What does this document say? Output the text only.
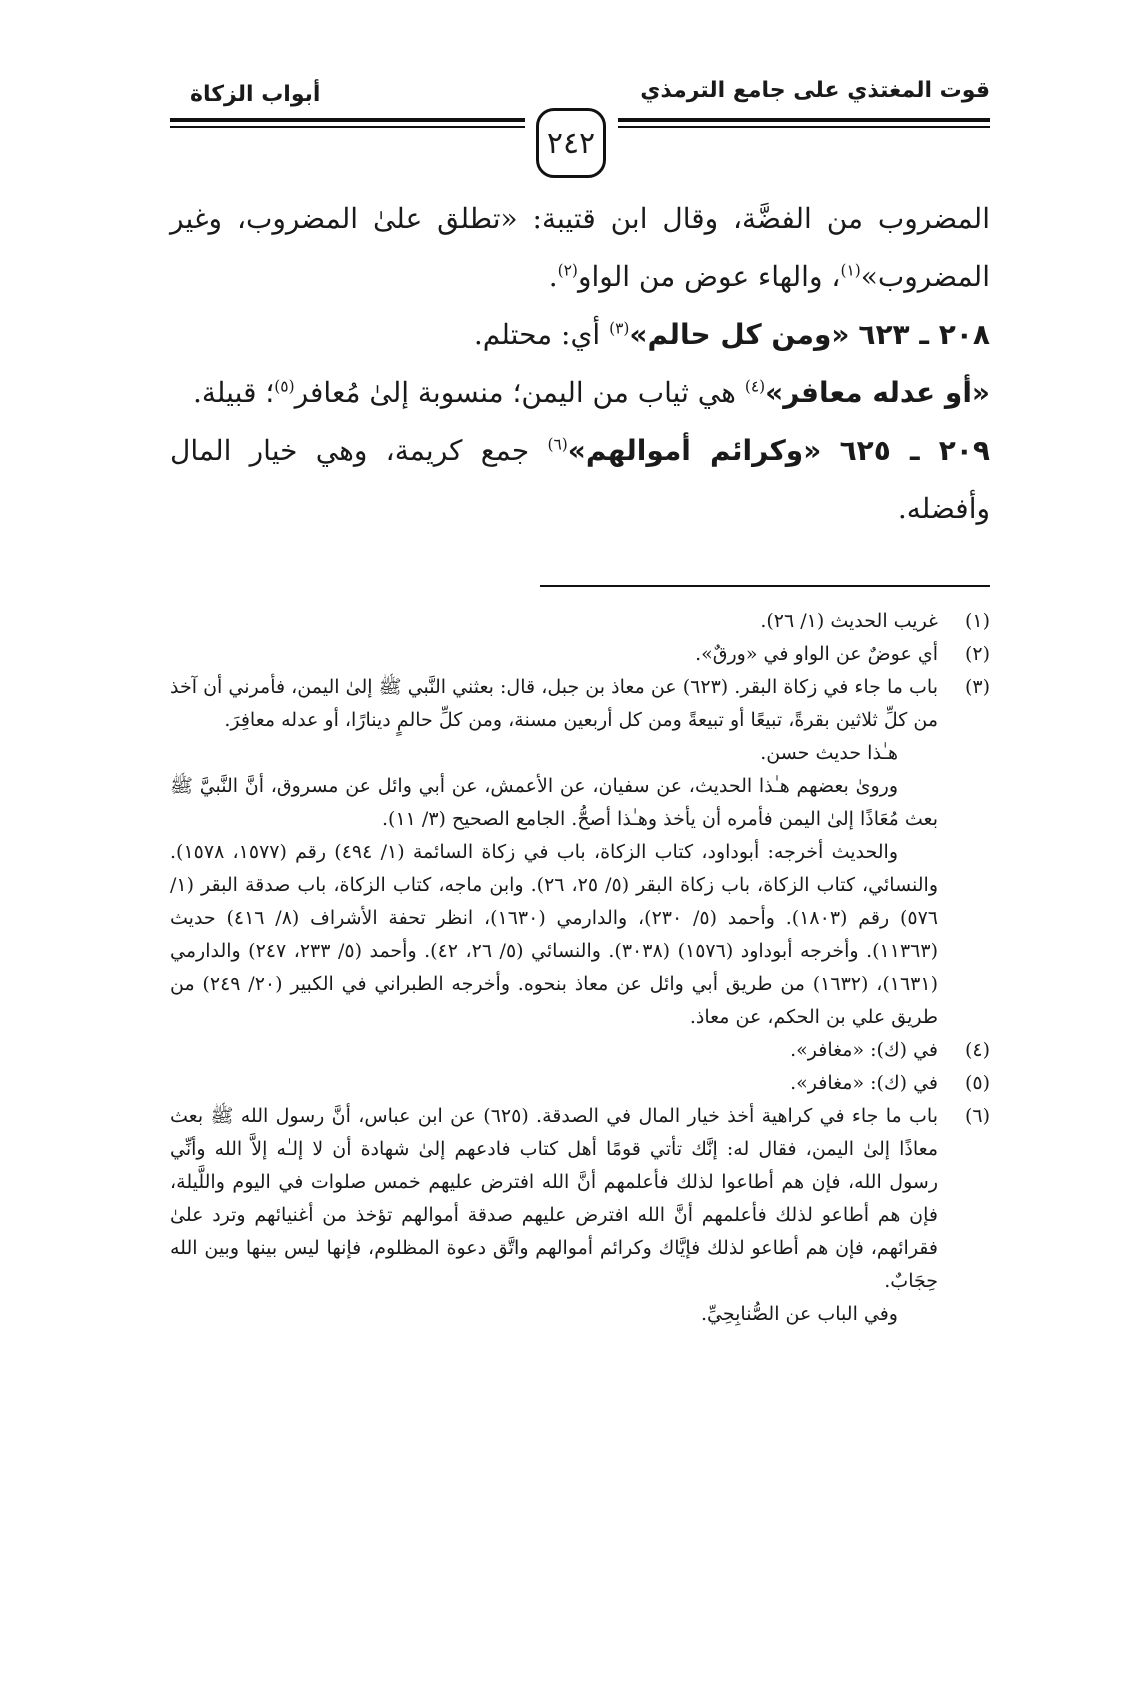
قوت المغتذي على جامع الترمذي
أبواب الزكاة
٢٤٢

المضروب من الفضَّة، وقال ابن قتيبة: «تطلق علىٰ المضروب، وغير المضروب»$^{(١)}$، والهاء عوض من الواو$^{(٢)}$.

٢٠٨ ـ ٦٢٣ «ومن كل حالم»$^{(٣)}$ أي: محتلم.

«أو عدله معافر»$^{(٤)}$ هي ثياب من اليمن؛ منسوبة إلىٰ مُعافر$^{(٥)}$؛ قبيلة.

٢٠٩ ـ ٦٢٥ «وكرائم أموالهم»$^{(٦)}$ جمع كريمة، وهي خيار المال وأفضله.

(١)

غريب الحديث (١/ ٢٦).

(٢)

أي عوضٌ عن الواو في «ورقٌ».

(٣)

باب ما جاء في زكاة البقر. (٦٢٣) عن معاذ بن جبل، قال: بعثني النَّبي ﷺ إلىٰ اليمن، فأمرني أن آخذ من كلِّ ثلاثين بقرةً، تبيعًا أو تبيعةً ومن كل أربعين مسنة، ومن كلِّ حالمٍ دينارًا، أو عدله معافِرَ.

هـٰذا حديث حسن.

وروىٰ بعضهم هـٰذا الحديث، عن سفيان، عن الأعمش، عن أبي وائل عن مسروق، أنَّ النَّبيَّ ﷺ بعث مُعَاذًا إلىٰ اليمن فأمره أن يأخذ وهـٰذا أصحُّ. الجامع الصحيح (٣/ ١١).

والحديث أخرجه: أبوداود، كتاب الزكاة، باب في زكاة السائمة (١/ ٤٩٤) رقم (١٥٧٧، ١٥٧٨). والنسائي، كتاب الزكاة، باب زكاة البقر (٥/ ٢٥، ٢٦). وابن ماجه، كتاب الزكاة، باب صدقة البقر (١/ ٥٧٦) رقم (١٨٠٣). وأحمد (٥/ ٢٣٠)، والدارمي (١٦٣٠)، انظر تحفة الأشراف (٨/ ٤١٦) حديث (١١٣٦٣). وأخرجه أبوداود (١٥٧٦) (٣٠٣٨). والنسائي (٥/ ٢٦، ٤٢). وأحمد (٥/ ٢٣٣، ٢٤٧) والدارمي (١٦٣١)، (١٦٣٢) من طريق أبي وائل عن معاذ بنحوه. وأخرجه الطبراني في الكبير (٢٠/ ٢٤٩) من طريق علي بن الحكم، عن معاذ.

(٤)

في (ك): «مغافر».

(٥)

في (ك): «مغافر».

(٦)

باب ما جاء في كراهية أخذ خيار المال في الصدقة. (٦٢٥) عن ابن عباس، أنَّ رسول الله ﷺ بعث معاذًا إلىٰ اليمن، فقال له: إنَّك تأتي قومًا أهل كتاب فادعهم إلىٰ شهادة أن لا إلـٰه إلاَّ الله وأنِّي رسول الله، فإن هم أطاعوا لذلك فأعلمهم أنَّ الله افترض عليهم خمس صلوات في اليوم واللَّيلة، فإن هم أطاعو لذلك فأعلمهم أنَّ الله افترض عليهم صدقة أموالهم تؤخذ من أغنيائهم وترد علىٰ فقرائهم، فإن هم أطاعو لذلك فإيَّاك وكرائم أموالهم واتَّق دعوة المظلوم، فإنها ليس بينها وبين الله حِجَابٌ.

وفي الباب عن الصُّنابِحِيِّ.
